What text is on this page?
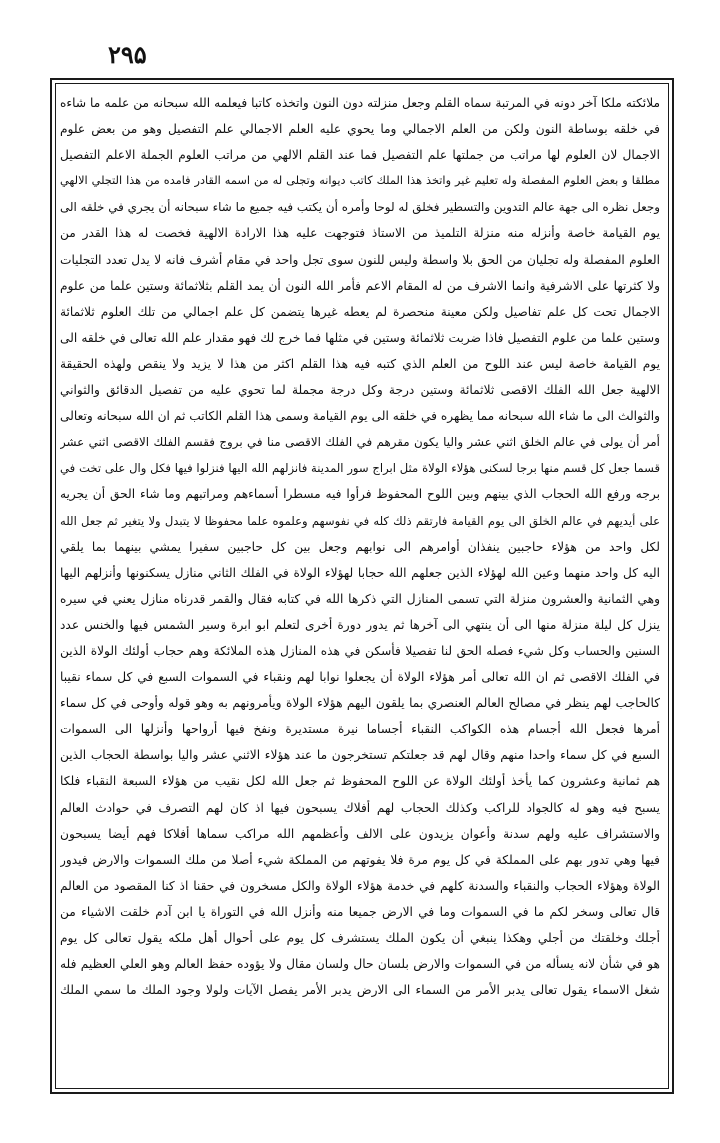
۲۹۵
ملائكته ملكا آخر دونه في المرتبة سماه القلم وجعل منزلته دون النون واتخذه كاتبا فيعلمه الله سبحانه من علمه ما شاءه
في خلقه بوساطة النون ولكن من العلم الاجمالي وما يحوي عليه العلم الاجمالي علم التفصيل وهو من بعض علوم
الاجمال لان العلوم لها مراتب من جملتها علم التفصيل فما عند القلم الالهي من مراتب العلوم الجملة الاعلم التفصيل
مطلقا و بعض العلوم المفصلة وله تعليم غير واتخذ هذا الملك كاتب ديوانه وتجلى له من اسمه القادر فامده من هذا التجلي الالهي
وجعل نظره الى جهة عالم التدوين والتسطير فخلق له لوحا وأمره أن يكتب فيه جميع ما شاء سبحانه أن يجري في خلقه الى
يوم القيامة خاصة وأنزله منه منزلة التلميذ من الاستاذ فتوجهت عليه هذا الارادة الالهية فخصت له هذا القدر من
العلوم المفصلة وله تجليان من الحق بلا واسطة وليس للنون سوى تجل واحد في مقام أشرف فانه لا يدل تعدد التجليات
ولا كثرتها على الاشرفية وانما الاشرف من له المقام الاعم فأمر الله النون أن يمد القلم بثلاثمائة وستين علما من علوم
الاجمال تحت كل علم تفاصيل ولكن معينة منحصرة لم يعطه غيرها يتضمن كل علم اجمالي من تلك العلوم ثلاثمائة
وستين علما من علوم التفصيل فاذا ضربت ثلاثمائة وستين في مثلها فما خرج لك فهو مقدار علم الله تعالى في خلقه الى
يوم القيامة خاصة ليس عند اللوح من العلم الذي كتبه فيه هذا القلم اكثر من هذا لا يزيد ولا ينقص ولهذه الحقيقة
الالهية جعل الله الفلك الاقصى ثلاثمائة وستين درجة وكل درجة مجملة لما تحوي عليه من تفصيل الدقائق والثواني
والثوالث الى ما شاء الله سبحانه مما يظهره في خلقه الى يوم القيامة وسمى هذا القلم الكاتب ثم ان الله سبحانه وتعالى
أمر أن يولى في عالم الخلق اثني عشر واليا يكون مقرهم في الفلك الاقصى منا في بروج فقسم الفلك الاقصى اثني عشر
قسما جعل كل قسم منها برجا لسكنى هؤلاء الولاة مثل ابراج سور المدينة فانزلهم الله اليها فنزلوا فيها فكل وال على تخت في
برجه ورفع الله الحجاب الذي بينهم وبين اللوح المحفوظ فرأوا فيه مسطرا أسماءهم ومراتبهم وما شاء الحق أن يجريه
على أيديهم في عالم الخلق الى يوم القيامة فارتقم ذلك كله في نفوسهم وعلموه علما محفوظا لا يتبدل ولا يتغير ثم جعل الله
لكل واحد من هؤلاء حاجبين ينفذان أوامرهم الى نوابهم وجعل بين كل حاجبين سفيرا يمشي بينهما بما يلقي
اليه كل واحد منهما وعين الله لهؤلاء الذين جعلهم الله حجابا لهؤلاء الولاة في الفلك الثاني منازل يسكنونها وأنزلهم اليها
وهي الثمانية والعشرون منزلة التي تسمى المنازل التي ذكرها الله في كتابه فقال والقمر قدرناه منازل يعني في سيره
ينزل كل ليلة منزلة منها الى أن ينتهي الى آخرها ثم يدور دورة أخرى لتعلم ابو ابرة وسير الشمس فيها والخنس عدد
السنين والحساب وكل شيء فصله الحق لنا تفصيلا فأسكن في هذه المنازل هذه الملائكة وهم حجاب أولئك الولاة الذين
في الفلك الاقصى ثم ان الله تعالى أمر هؤلاء الولاة أن يجعلوا نوابا لهم ونقباء في السموات السبع في كل سماء نقيبا
كالحاجب لهم ينظر في مصالح العالم العنصري بما يلقون اليهم هؤلاء الولاة ويأمرونهم به وهو قوله وأوحى في كل سماء
أمرها فجعل الله أجسام هذه الكواكب النقباء أجساما نيرة مستديرة ونفخ فيها أرواحها وأنزلها الى السموات
السبع في كل سماء واحدا منهم وقال لهم قد جعلتكم تستخرجون ما عند هؤلاء الاثني عشر واليا بواسطة الحجاب الذين
هم ثمانية وعشرون كما يأخذ أولئك الولاة عن اللوح المحفوظ ثم جعل الله لكل نقيب من هؤلاء السبعة النقباء فلكا
يسبح فيه وهو له كالجواد للراكب وكذلك الحجاب لهم أفلاك يسبحون فيها اذ كان لهم التصرف في حوادث العالم
والاستشراف عليه ولهم سدنة وأعوان يزيدون على الالف وأعظمهم الله مراكب سماها أفلاكا فهم أيضا يسبحون
فيها وهي تدور بهم على المملكة في كل يوم مرة فلا يفوتهم من المملكة شيء أصلا من ملك السموات والارض فيدور
الولاة وهؤلاء الحجاب والنقباء والسدنة كلهم في خدمة هؤلاء الولاة والكل مسخرون في حقنا اذ كنا المقصود من العالم
قال تعالى وسخر لكم ما في السموات وما في الارض جميعا منه وأنزل الله في التوراة يا ابن آدم خلقت الاشياء من
أجلك وخلقتك من أجلي وهكذا ينبغي أن يكون الملك يستشرف كل يوم على أحوال أهل ملكه يقول تعالى كل يوم
هو في شأن لانه يسأله من في السموات والارض بلسان حال ولسان مقال ولا يؤوده حفظ العالم وهو العلي العظيم فله
شغل الاسماء يقول تعالى يدبر الأمر من السماء الى الارض يدبر الأمر يفصل الآيات ولولا وجود الملك ما سمي الملك
